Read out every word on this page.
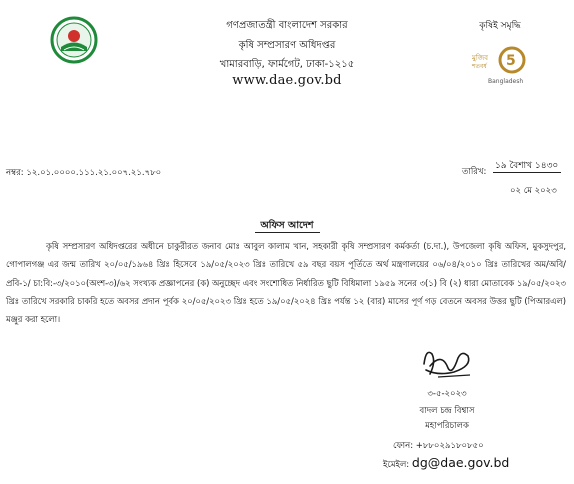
গণপ্রজাতন্ত্রী বাংলাদেশ সরকার
কৃষি সম্প্রসারণ অধিদপ্তর
খামারবাড়ি, ফার্মগেট, ঢাকা-১২১৫
www.dae.gov.bd
কৃষিই সমৃদ্ধি
মুজিব
শতবর্ষ 5
Bangladesh
নম্বর: ১২.০১.০০০০.১১১.২১.০০৭.২১.৭৮০	তারিখ:
১৯ বৈশাখ ১৪৩০
০২ মে ২০২৩
অফিস আদেশ
কৃষি সম্প্রসারণ অধিদপ্তরের অধীনে চাকুরীরত জনাব মোঃ আবুল কালাম খান, সহকারী কৃষি সম্প্রসারণ কর্মকর্তা (চ.দা.), উপজেলা কৃষি অফিস, মুকসুদপুর, গোপালগঞ্জ এর জন্ম তারিখ ২০/০৫/১৯৬৪ খ্রিঃ হিসেবে ১৯/০৫/২০২৩ খ্রিঃ তারিখে ৫৯ বছর বয়স পূর্তিতে অর্থ মন্ত্রণালয়ের ০৬/০৪/২০১০ খ্রিঃ তারিখের অম/অবি/প্রবি-১/ চা:বি:-৩/২০১০(অংশ-৩)/৬২ সংখ্যক প্রজ্ঞাপনের (ক) অনুচ্ছেদ এবং সংশোধিত নির্ধারিত ছুটি বিধিমালা ১৯৫৯ সনের ৩(১) বি (২) ধারা মোতাবেক ১৯/০৫/২০২৩ খ্রিঃ তারিখে সরকারি চাকরি হতে অবসর প্রদান পূর্বক ২০/০৫/২০২৩ খ্রিঃ হতে ১৯/০৫/২০২৪ খ্রিঃ পর্যন্ত ১২ (বার) মাসের পূর্ণ গড় বেতনে অবসর উত্তর ছুটি (পিআরএল) মঞ্জুর করা হলো।
৩-৫-২০২৩
বাদল চন্দ্র বিশ্বাস
মহাপরিচালক
ফোন: +৮৮০২৯১৮০৮৫০
ইমেইল: dg@dae.gov.bd
